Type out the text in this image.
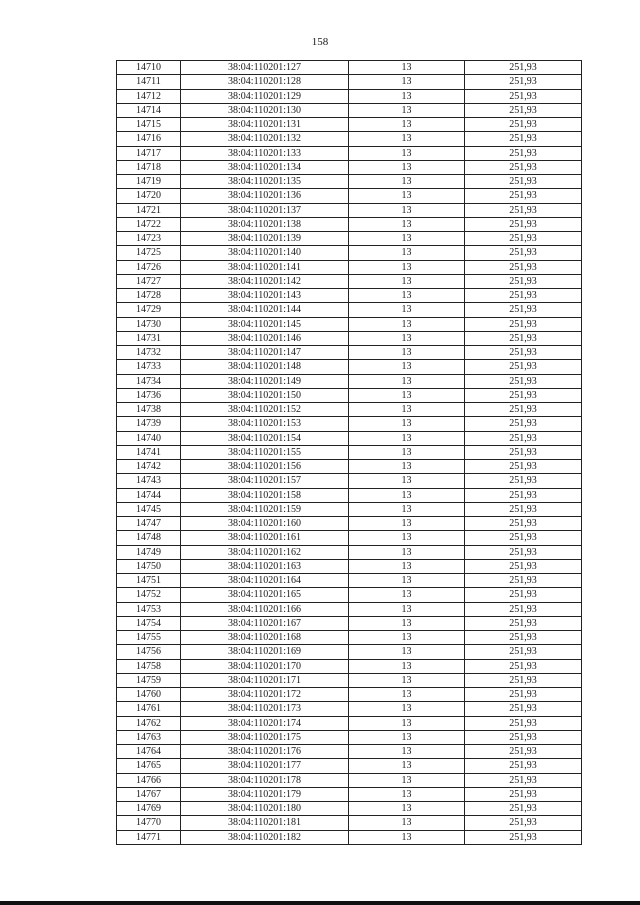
158
14710	38:04:110201:127	13	251,93
14711	38:04:110201:128	13	251,93
14712	38:04:110201:129	13	251,93
14714	38:04:110201:130	13	251,93
14715	38:04:110201:131	13	251,93
14716	38:04:110201:132	13	251,93
14717	38:04:110201:133	13	251,93
14718	38:04:110201:134	13	251,93
14719	38:04:110201:135	13	251,93
14720	38:04:110201:136	13	251,93
14721	38:04:110201:137	13	251,93
14722	38:04:110201:138	13	251,93
14723	38:04:110201:139	13	251,93
14725	38:04:110201:140	13	251,93
14726	38:04:110201:141	13	251,93
14727	38:04:110201:142	13	251,93
14728	38:04:110201:143	13	251,93
14729	38:04:110201:144	13	251,93
14730	38:04:110201:145	13	251,93
14731	38:04:110201:146	13	251,93
14732	38:04:110201:147	13	251,93
14733	38:04:110201:148	13	251,93
14734	38:04:110201:149	13	251,93
14736	38:04:110201:150	13	251,93
14738	38:04:110201:152	13	251,93
14739	38:04:110201:153	13	251,93
14740	38:04:110201:154	13	251,93
14741	38:04:110201:155	13	251,93
14742	38:04:110201:156	13	251,93
14743	38:04:110201:157	13	251,93
14744	38:04:110201:158	13	251,93
14745	38:04:110201:159	13	251,93
14747	38:04:110201:160	13	251,93
14748	38:04:110201:161	13	251,93
14749	38:04:110201:162	13	251,93
14750	38:04:110201:163	13	251,93
14751	38:04:110201:164	13	251,93
14752	38:04:110201:165	13	251,93
14753	38:04:110201:166	13	251,93
14754	38:04:110201:167	13	251,93
14755	38:04:110201:168	13	251,93
14756	38:04:110201:169	13	251,93
14758	38:04:110201:170	13	251,93
14759	38:04:110201:171	13	251,93
14760	38:04:110201:172	13	251,93
14761	38:04:110201:173	13	251,93
14762	38:04:110201:174	13	251,93
14763	38:04:110201:175	13	251,93
14764	38:04:110201:176	13	251,93
14765	38:04:110201:177	13	251,93
14766	38:04:110201:178	13	251,93
14767	38:04:110201:179	13	251,93
14769	38:04:110201:180	13	251,93
14770	38:04:110201:181	13	251,93
14771	38:04:110201:182	13	251,93
